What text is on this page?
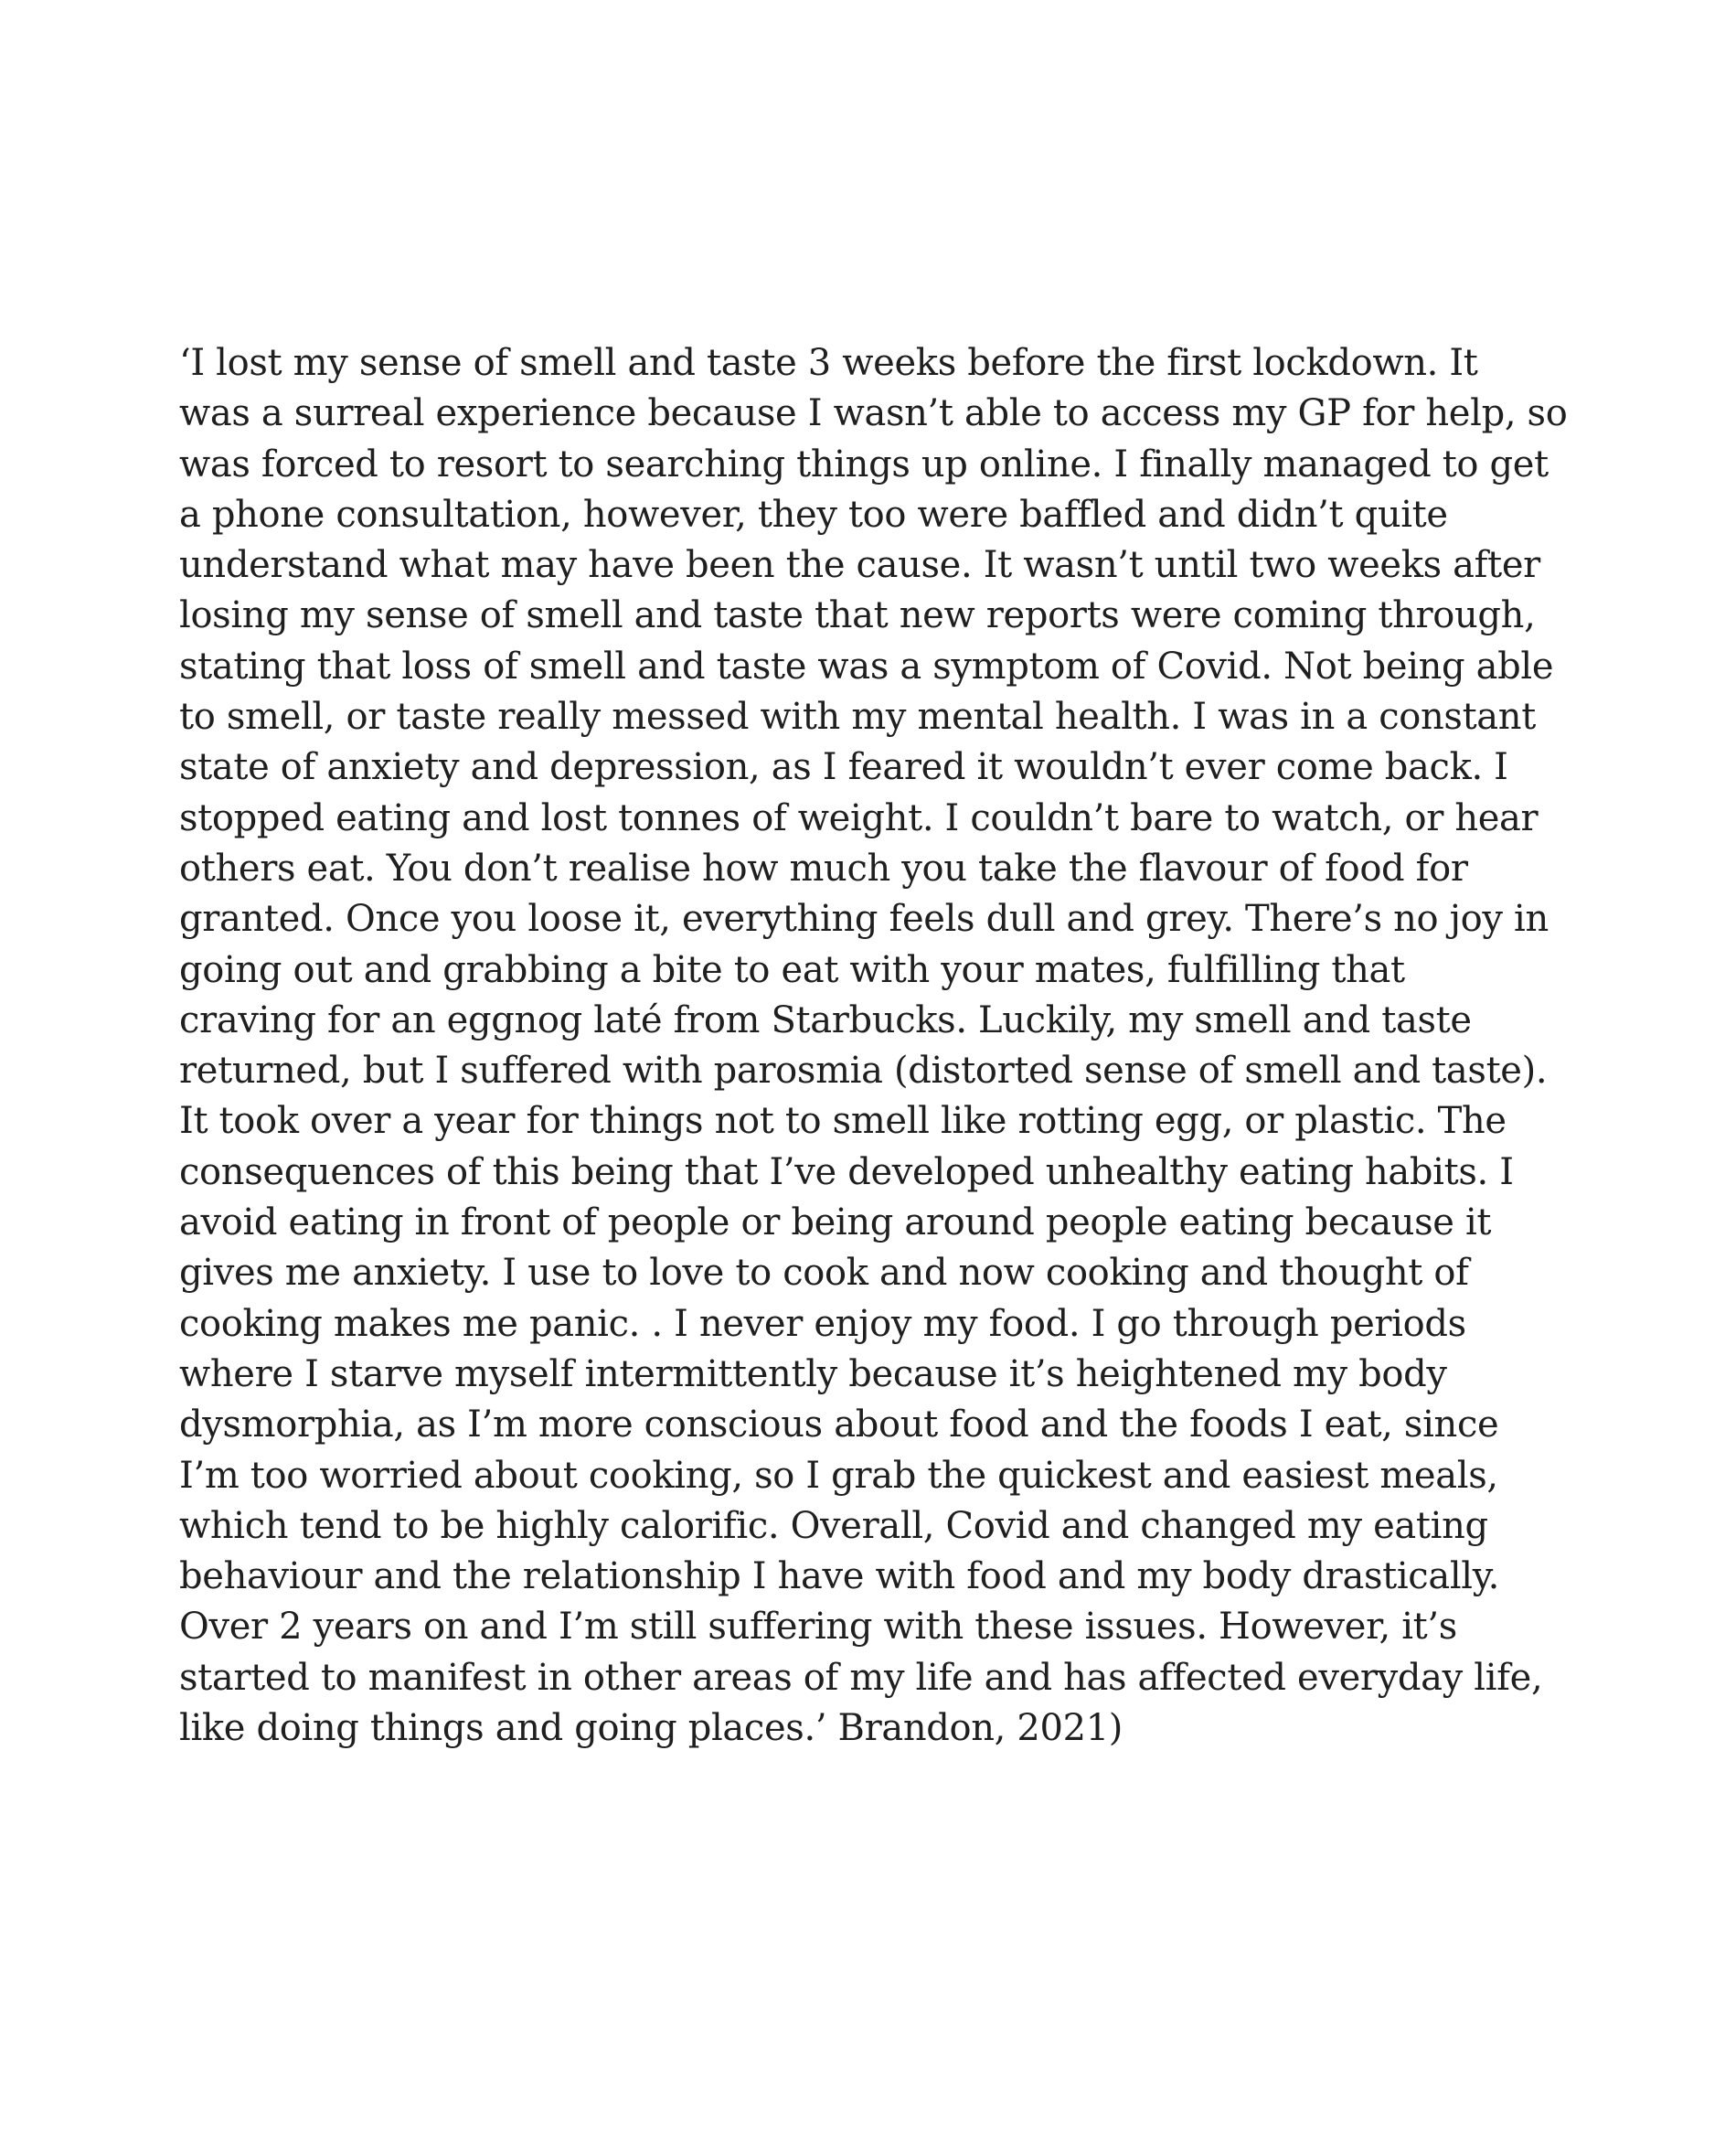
‘I lost my sense of smell and taste 3 weeks before the first lockdown. It
was a surreal experience because I wasn’t able to access my GP for help, so
was forced to resort to searching things up online. I finally managed to get
a phone consultation, however, they too were baffled and didn’t quite
understand what may have been the cause. It wasn’t until two weeks after
losing my sense of smell and taste that new reports were coming through,
stating that loss of smell and taste was a symptom of Covid. Not being able
to smell, or taste really messed with my mental health. I was in a constant
state of anxiety and depression, as I feared it wouldn’t ever come back. I
stopped eating and lost tonnes of weight. I couldn’t bare to watch, or hear
others eat. You don’t realise how much you take the flavour of food for
granted. Once you loose it, everything feels dull and grey. There’s no joy in
going out and grabbing a bite to eat with your mates, fulfilling that
craving for an eggnog laté from Starbucks. Luckily, my smell and taste
returned, but I suffered with parosmia (distorted sense of smell and taste).
It took over a year for things not to smell like rotting egg, or plastic. The
consequences of this being that I’ve developed unhealthy eating habits. I
avoid eating in front of people or being around people eating because it
gives me anxiety. I use to love to cook and now cooking and thought of
cooking makes me panic. . I never enjoy my food. I go through periods
where I starve myself intermittently because it’s heightened my body
dysmorphia, as I’m more conscious about food and the foods I eat, since
I’m too worried about cooking, so I grab the quickest and easiest meals,
which tend to be highly calorific. Overall, Covid and changed my eating
behaviour and the relationship I have with food and my body drastically.
Over 2 years on and I’m still suffering with these issues. However, it’s
started to manifest in other areas of my life and has affected everyday life,
like doing things and going places.’ Brandon, 2021)
